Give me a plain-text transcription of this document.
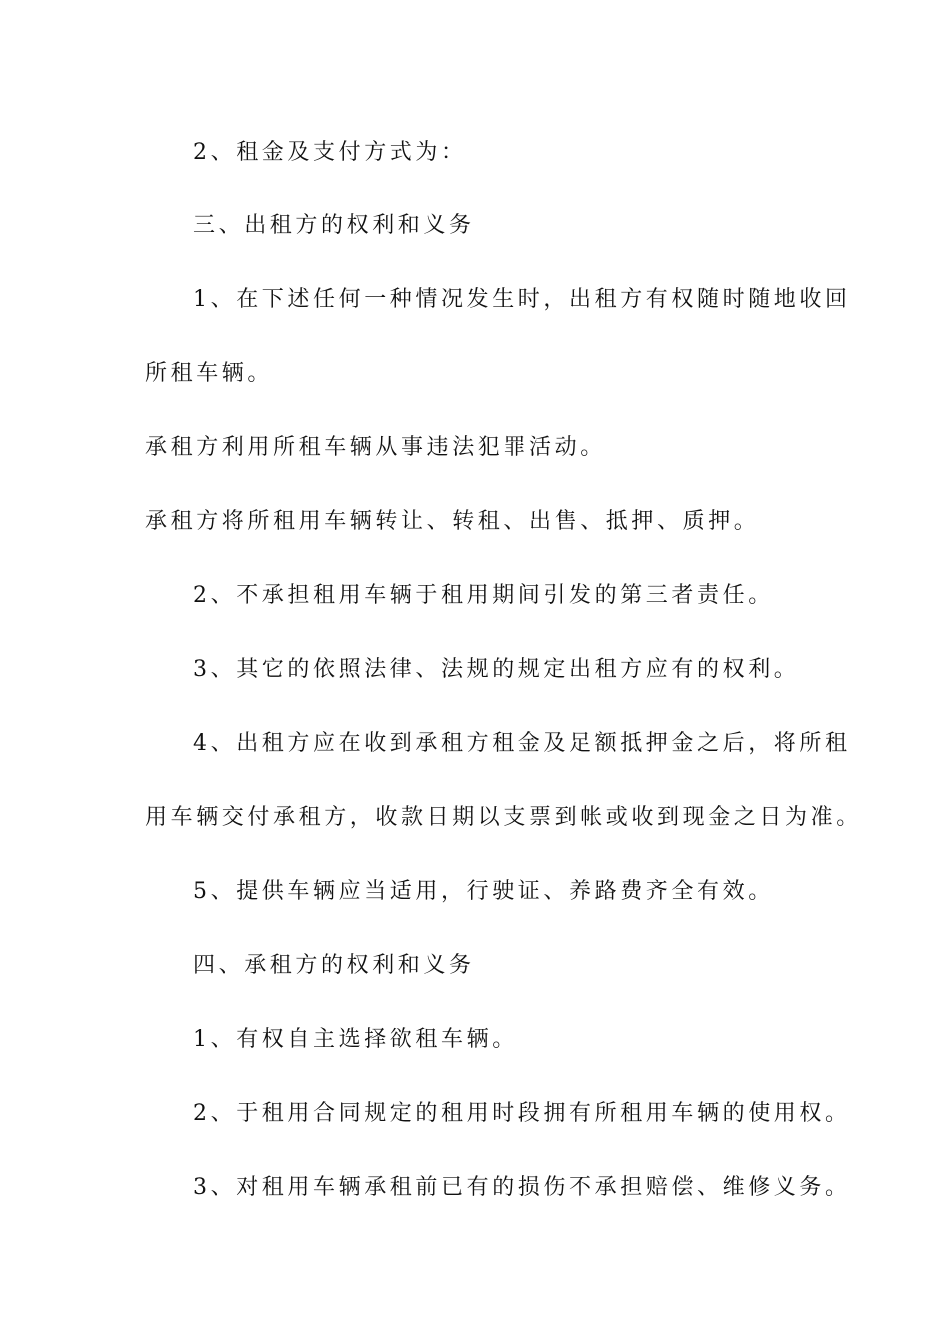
2、租金及支付方式为：
三、出租方的权利和义务
1、在下述任何一种情况发生时，出租方有权随时随地收回
所租车辆。
承租方利用所租车辆从事违法犯罪活动。
承租方将所租用车辆转让、转租、出售、抵押、质押。
2、不承担租用车辆于租用期间引发的第三者责任。
3、其它的依照法律、法规的规定出租方应有的权利。
4、出租方应在收到承租方租金及足额抵押金之后，将所租
用车辆交付承租方，收款日期以支票到帐或收到现金之日为准。
5、提供车辆应当适用，行驶证、养路费齐全有效。
四、承租方的权利和义务
1、有权自主选择欲租车辆。
2、于租用合同规定的租用时段拥有所租用车辆的使用权。
3、对租用车辆承租前已有的损伤不承担赔偿、维修义务。
